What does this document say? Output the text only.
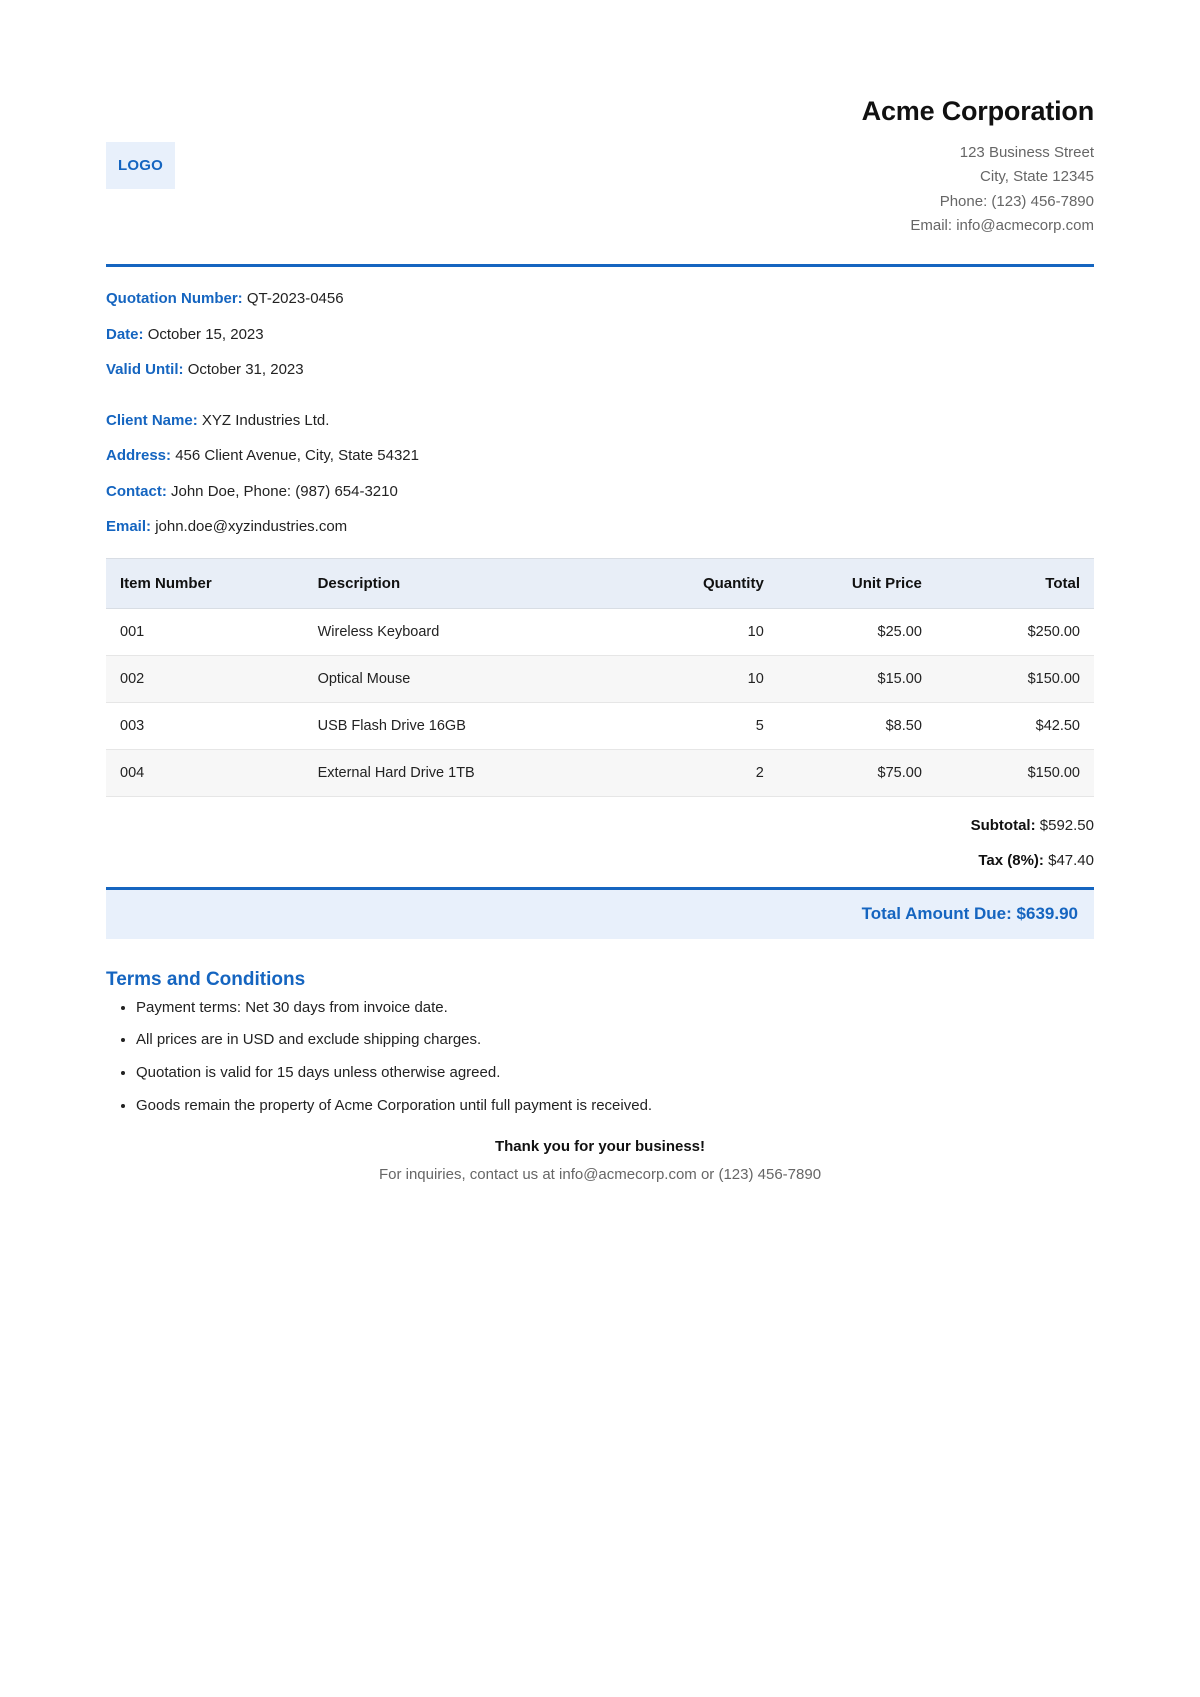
LOGO
Acme Corporation
123 Business Street
City, State 12345
Phone: (123) 456-7890
Email: info@acmecorp.com
Quotation Number: QT-2023-0456
Date: October 15, 2023
Valid Until: October 31, 2023
Client Name: XYZ Industries Ltd.
Address: 456 Client Avenue, City, State 54321
Contact: John Doe, Phone: (987) 654-3210
Email: john.doe@xyzindustries.com
Item Number	Description	Quantity	Unit Price	Total
001	Wireless Keyboard	10	$25.00	$250.00
002	Optical Mouse	10	$15.00	$150.00
003	USB Flash Drive 16GB	5	$8.50	$42.50
004	External Hard Drive 1TB	2	$75.00	$150.00
Subtotal: $592.50
Tax (8%): $47.40
Total Amount Due: $639.90
Terms and Conditions
• Payment terms: Net 30 days from invoice date.
• All prices are in USD and exclude shipping charges.
• Quotation is valid for 15 days unless otherwise agreed.
• Goods remain the property of Acme Corporation until full payment is received.
Thank you for your business!
For inquiries, contact us at info@acmecorp.com or (123) 456-7890
